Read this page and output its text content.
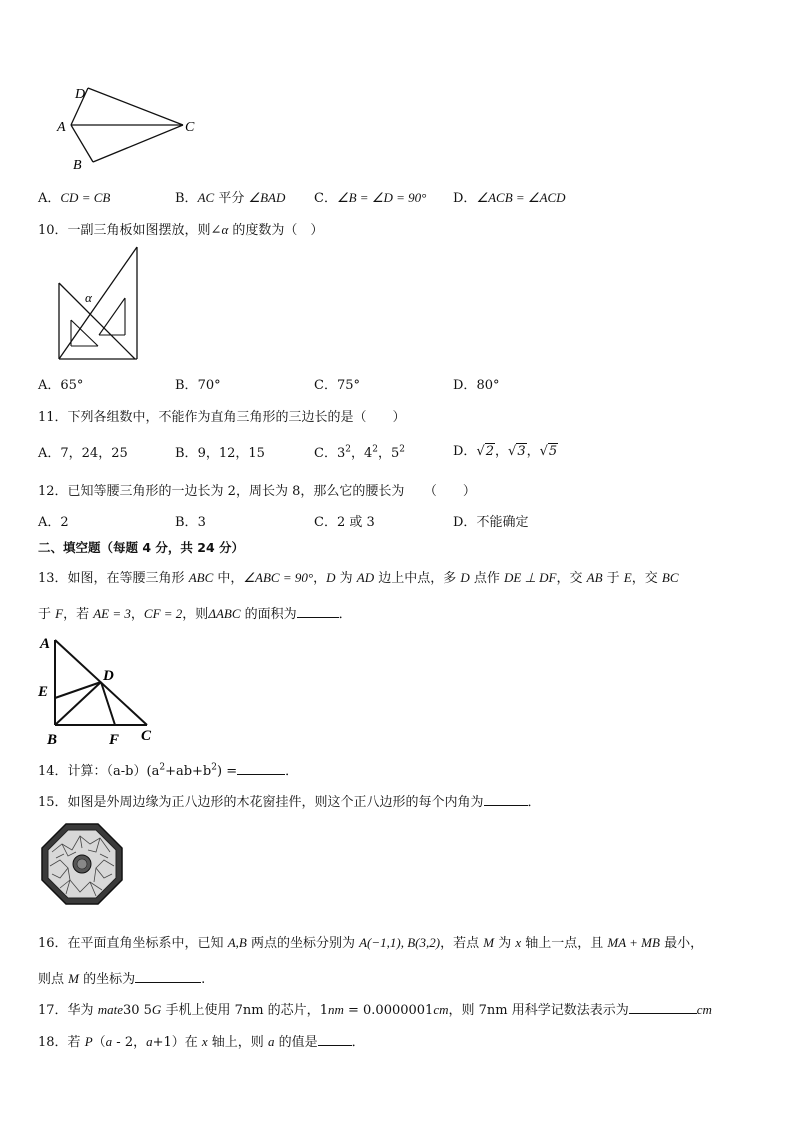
D
A	C
B
A．CD = CB	B．AC 平分 ∠BAD C．∠B = ∠D = 90° D．∠ACB = ∠ACD
10．一副三角板如图摆放，则∠α 的度数为（　）
α
A．65°	B．70°	C．75°	D．80°
11．下列各组数中，不能作为直角三角形的三边长的是（　　）
A．7，24，25	B．9，12，15	C．$3^2$，$4^2$，$5^2$	D．√2，√3，√5
12．已知等腰三角形的一边长为 2，周长为 8，那么它的腰长为　　（　　）
A．2	B．3	C．2 或 3	D．不能确定
二、填空题（每题 4 分，共 24 分）
13．如图，在等腰三角形 ABC 中，∠ABC = 90°，D 为 AD 边上中点，多 D 点作 DE ⊥ DF，交 AB 于 E，交 BC
于 F，若 AE = 3，CF = 2，则ΔABC 的面积为	．
A
D
E
B	F C
14．计算：$(a-b)(a^2+ab+b^2)$ =	．
15．如图是外周边缘为正八边形的木花窗挂件，则这个正八边形的每个内角为	．
16．在平面直角坐标系中，已知 A,B 两点的坐标分别为 A(−1,1), B(3,2)，若点 M 为 x 轴上一点，且 MA + MB 最小，
则点 M 的坐标为	.
17．华为 mate30 5G 手机上使用 7nm 的芯片，1nm = 0.0000001cm，则 7nm 用科学记数法表示为	cm
18．若 P（a - 2，a+1）在 x 轴上，则 a 的值是	．
